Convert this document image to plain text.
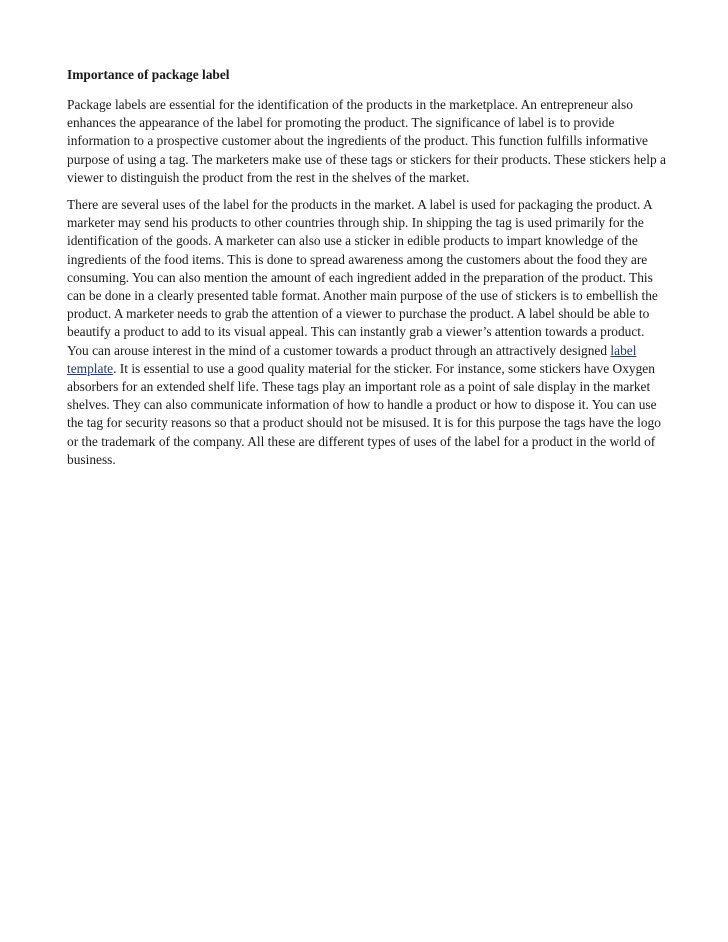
Importance of package label

Package labels are essential for the identification of the products in the marketplace. An entrepreneur also enhances the appearance of the label for promoting the product. The significance of label is to provide information to a prospective customer about the ingredients of the product. This function fulfills informative purpose of using a tag. The marketers make use of these tags or stickers for their products. These stickers help a viewer to distinguish the product from the rest in the shelves of the market.

There are several uses of the label for the products in the market. A label is used for packaging the product. A marketer may send his products to other countries through ship. In shipping the tag is used primarily for the identification of the goods. A marketer can also use a sticker in edible products to impart knowledge of the ingredients of the food items. This is done to spread awareness among the customers about the food they are consuming. You can also mention the amount of each ingredient added in the preparation of the product. This can be done in a clearly presented table format. Another main purpose of the use of stickers is to embellish the product. A marketer needs to grab the attention of a viewer to purchase the product. A label should be able to beautify a product to add to its visual appeal. This can instantly grab a viewer’s attention towards a product. You can arouse interest in the mind of a customer towards a product through an attractively designed label template. It is essential to use a good quality material for the sticker. For instance, some stickers have Oxygen absorbers for an extended shelf life. These tags play an important role as a point of sale display in the market shelves. They can also communicate information of how to handle a product or how to dispose it. You can use the tag for security reasons so that a product should not be misused. It is for this purpose the tags have the logo or the trademark of the company. All these are different types of uses of the label for a product in the world of business.
